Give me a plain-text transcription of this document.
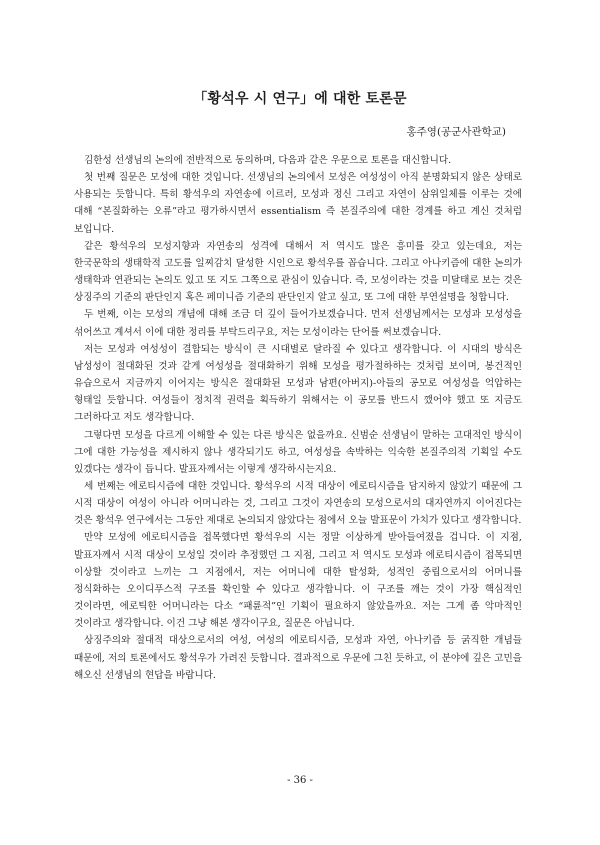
「황석우 시 연구」에 대한 토론문
홍주영(공군사관학교)

김한성 선생님의 논의에 전반적으로 동의하며, 다음과 같은 우문으로 토론을 대신합니다.

첫 번째 질문은 모성에 대한 것입니다. 선생님의 논의에서 모성은 여성성이 아직 분명화되지 않은 상태로 사용되는 듯합니다. 특히 황석우의 자연송에 이르러, 모성과 정신 그리고 자연이 삼위일체를 이루는 것에 대해 “본질화하는 오류”라고 평가하시면서 essentialism 즉 본질주의에 대한 경계를 하고 계신 것처럼 보입니다.

같은 황석우의 모성지향과 자연송의 성격에 대해서 저 역시도 많은 흥미를 갖고 있는데요, 저는 한국문학의 생태학적 고도를 일찌감치 달성한 시인으로 황석우를 꼽습니다. 그리고 아나키즘에 대한 논의가 생태학과 연관되는 논의도 있고 또 지도 그쪽으로 관심이 있습니다. 즉, 모성이라는 것을 미달태로 보는 것은 상징주의 기준의 판단인지 혹은 페미니즘 기준의 판단인지 알고 싶고, 또 그에 대한 부연설명을 청합니다.

두 번째, 이는 모성의 개념에 대해 조금 더 깊이 들어가보겠습니다. 먼저 선생님께서는 모성과 모성성을 섞어쓰고 계셔서 이에 대한 정리를 부탁드리구요, 저는 모성이라는 단어를 써보겠습니다.

저는 모성과 여성성이 결합되는 방식이 큰 시대별로 달라질 수 있다고 생각합니다. 이 시대의 방식은 남성성이 절대화된 것과 같게 여성성을 절대화하기 위해 모성을 평가절하하는 것처럼 보이며, 봉건적인 유습으로서 지금까지 이어지는 방식은 절대화된 모성과 남편(아버지)-아들의 공모로 여성성을 억압하는 형태일 듯합니다. 여성들이 정치적 권력을 획득하기 위해서는 이 공모를 반드시 깼어야 했고 또 지금도 그러하다고 저도 생각합니다.

그렇다면 모성을 다르게 이해할 수 있는 다른 방식은 없을까요. 신범순 선생님이 말하는 고대적인 방식이 그에 대한 가능성을 제시하지 않나 생각되기도 하고, 여성성을 속박하는 익숙한 본질주의적 기획일 수도 있겠다는 생각이 듭니다. 발표자께서는 이렇게 생각하시는지요.

세 번째는 에로티시즘에 대한 것입니다. 황석우의 시적 대상이 에로티시즘을 담지하지 않았기 때문에 그 시적 대상이 여성이 아니라 어머니라는 것, 그리고 그것이 자연송의 모성으로서의 대자연까지 이어진다는 것은 황석우 연구에서는 그동안 제대로 논의되지 않았다는 점에서 오늘 발표문이 가치가 있다고 생각합니다.

만약 모성에 에로티시즘을 접목했다면 황석우의 시는 정말 이상하게 받아들여졌을 겁니다. 이 지점, 발표자께서 시적 대상이 모성일 것이라 추정했던 그 지점, 그리고 저 역시도 모성과 에로티시즘이 접목되면 이상할 것이라고 느끼는 그 지점에서, 저는 어머니에 대한 탈성화, 성적인 중립으로서의 어머니를 정식화하는 오이디푸스적 구조를 확인할 수 있다고 생각합니다. 이 구조를 깨는 것이 가장 핵심적인 것이라면, 에로틱한 어머니라는 다소 “패륜적”인 기획이 필요하지 않았을까요. 저는 그게 좀 악마적인 것이라고 생각합니다. 이건 그냥 해본 생각이구요, 질문은 아닙니다.

상징주의와 절대적 대상으로서의 여성, 여성의 에로티시즘, 모성과 자연, 아나키즘 등 굵직한 개념들 때문에, 저의 토론에서도 황석우가 가려진 듯합니다. 결과적으로 우문에 그친 듯하고, 이 분야에 깊은 고민을 해오신 선생님의 현답을 바랍니다.

- 36 -
